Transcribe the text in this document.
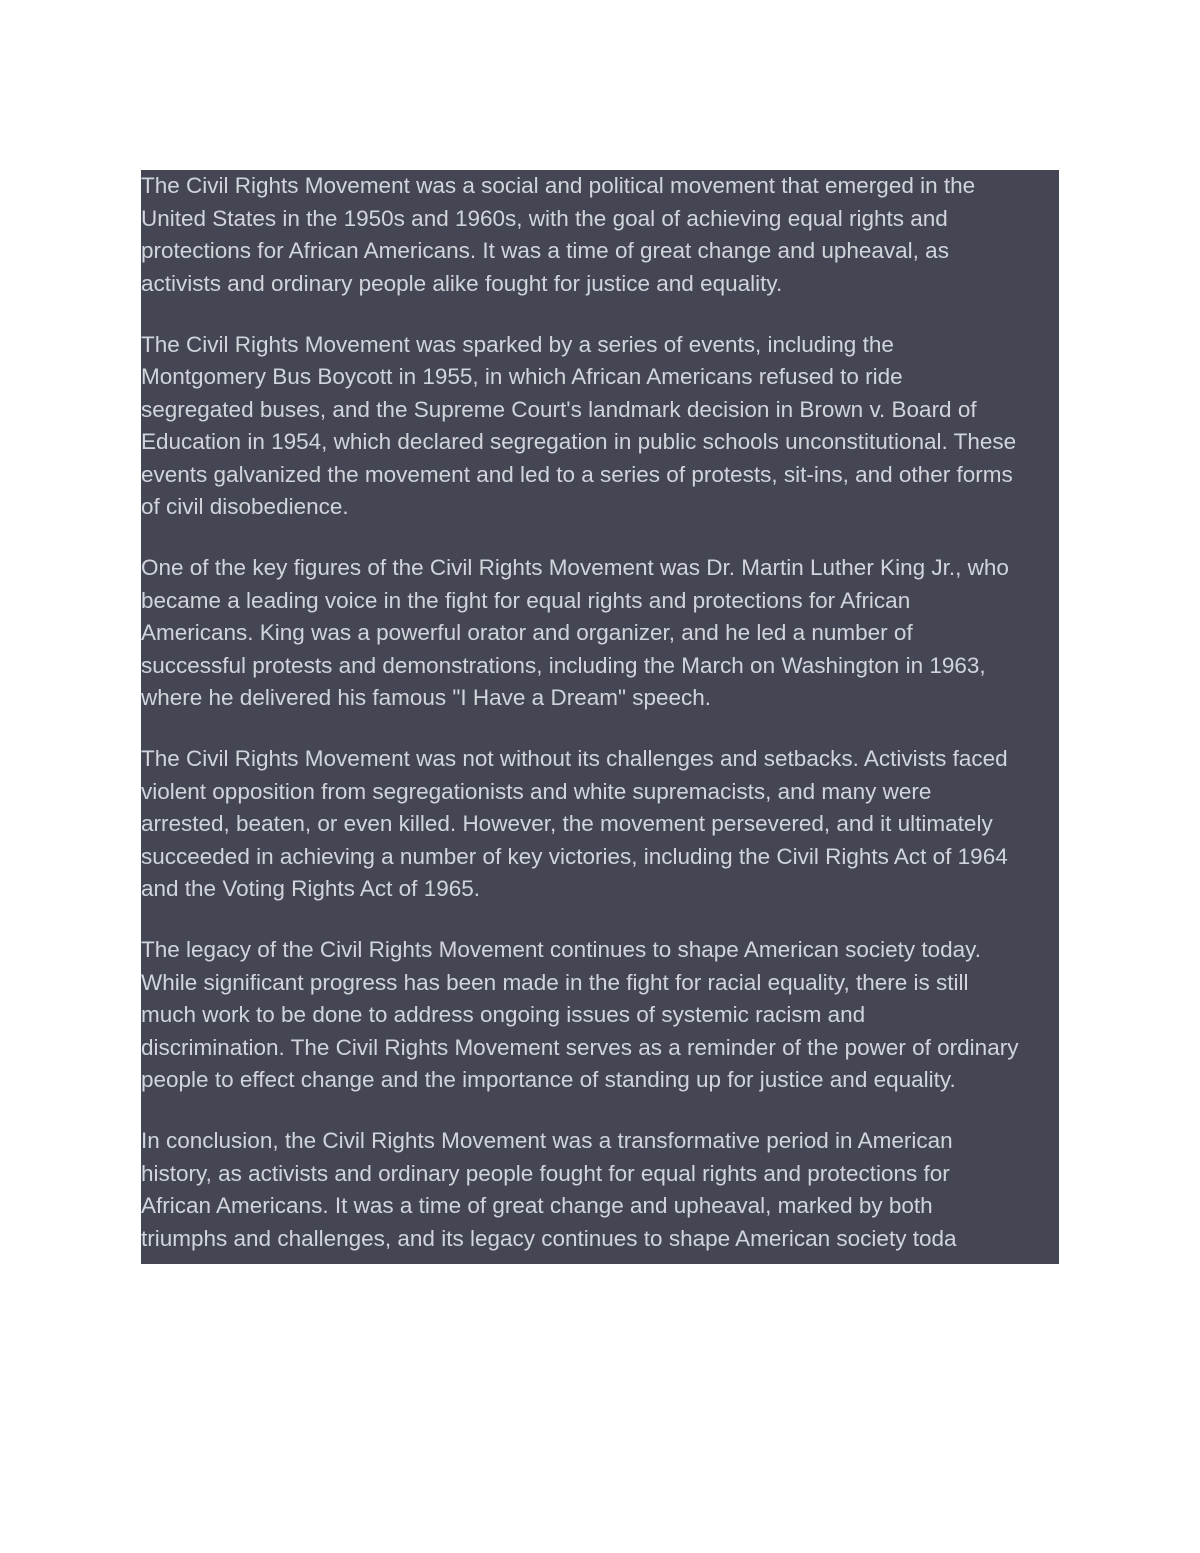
The Civil Rights Movement was a social and political movement that emerged in the
United States in the 1950s and 1960s, with the goal of achieving equal rights and
protections for African Americans. It was a time of great change and upheaval, as
activists and ordinary people alike fought for justice and equality.
The Civil Rights Movement was sparked by a series of events, including the
Montgomery Bus Boycott in 1955, in which African Americans refused to ride
segregated buses, and the Supreme Court's landmark decision in Brown v. Board of
Education in 1954, which declared segregation in public schools unconstitutional. These
events galvanized the movement and led to a series of protests, sit-ins, and other forms
of civil disobedience.
One of the key figures of the Civil Rights Movement was Dr. Martin Luther King Jr., who
became a leading voice in the fight for equal rights and protections for African
Americans. King was a powerful orator and organizer, and he led a number of
successful protests and demonstrations, including the March on Washington in 1963,
where he delivered his famous "I Have a Dream" speech.
The Civil Rights Movement was not without its challenges and setbacks. Activists faced
violent opposition from segregationists and white supremacists, and many were
arrested, beaten, or even killed. However, the movement persevered, and it ultimately
succeeded in achieving a number of key victories, including the Civil Rights Act of 1964
and the Voting Rights Act of 1965.
The legacy of the Civil Rights Movement continues to shape American society today.
While significant progress has been made in the fight for racial equality, there is still
much work to be done to address ongoing issues of systemic racism and
discrimination. The Civil Rights Movement serves as a reminder of the power of ordinary
people to effect change and the importance of standing up for justice and equality.
In conclusion, the Civil Rights Movement was a transformative period in American
history, as activists and ordinary people fought for equal rights and protections for
African Americans. It was a time of great change and upheaval, marked by both
triumphs and challenges, and its legacy continues to shape American society toda
